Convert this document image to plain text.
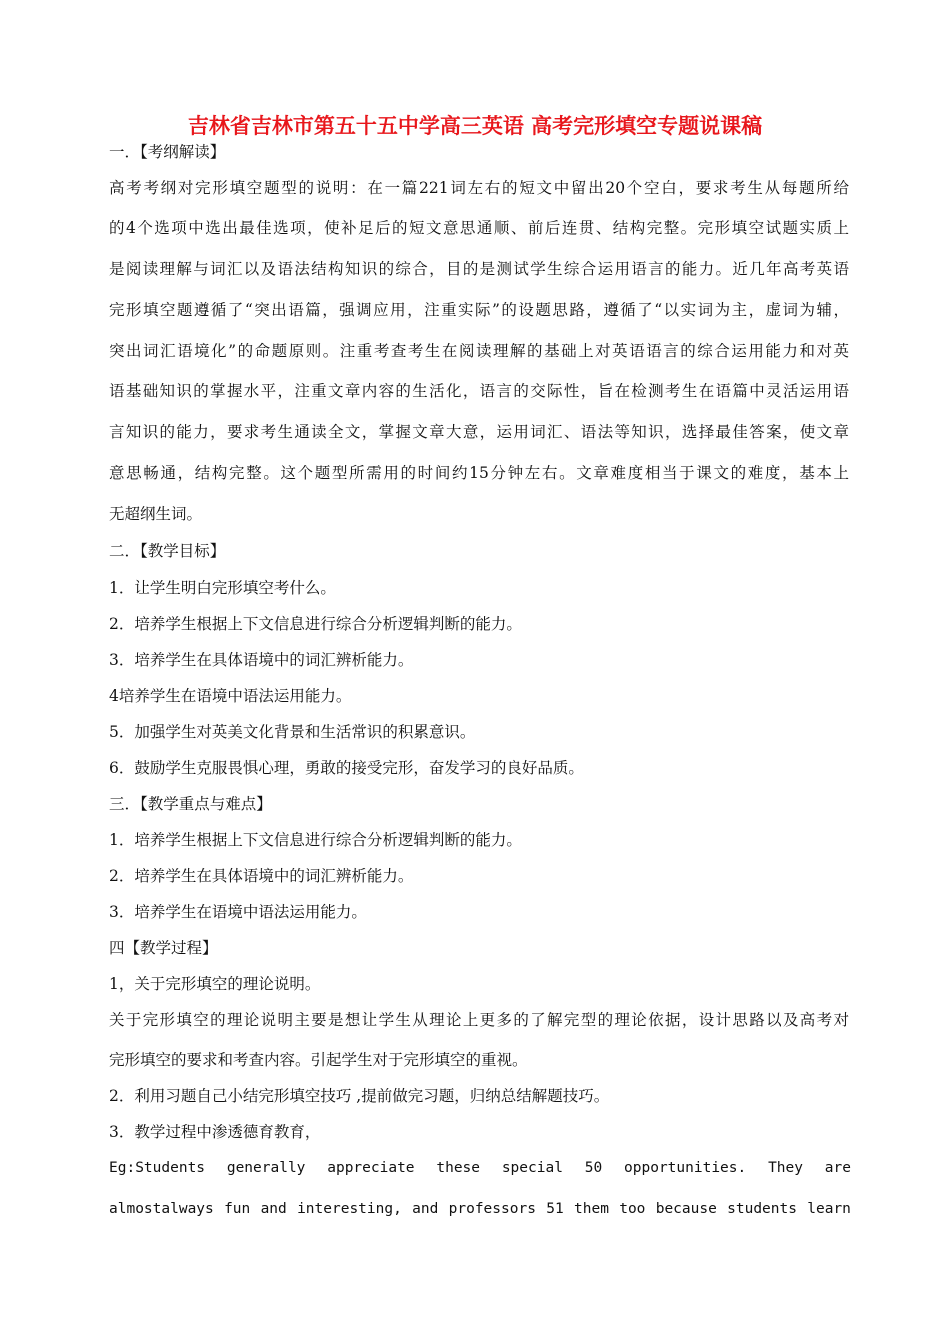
吉林省吉林市第五十五中学高三英语 高考完形填空专题说课稿
一．【考纲解读】
高考考纲对完形填空题型的说明：在一篇221词左右的短文中留出20个空白，要求考生从每题所给
的4个选项中选出最佳选项，使补足后的短文意思通顺、前后连贯、结构完整。完形填空试题实质上
是阅读理解与词汇以及语法结构知识的综合，目的是测试学生综合运用语言的能力。近几年高考英语
完形填空题遵循了“突出语篇，强调应用，注重实际”的设题思路，遵循了“以实词为主，虚词为辅，
突出词汇语境化”的命题原则。注重考查考生在阅读理解的基础上对英语语言的综合运用能力和对英
语基础知识的掌握水平，注重文章内容的生活化，语言的交际性，旨在检测考生在语篇中灵活运用语
言知识的能力，要求考生通读全文，掌握文章大意，运用词汇、语法等知识，选择最佳答案，使文章
意思畅通，结构完整。这个题型所需用的时间约15分钟左右。文章难度相当于课文的难度，基本上
无超纲生词。
二．【教学目标】
1．让学生明白完形填空考什么。
2．培养学生根据上下文信息进行综合分析逻辑判断的能力。
3．培养学生在具体语境中的词汇辨析能力。
4培养学生在语境中语法运用能力。
5．加强学生对英美文化背景和生活常识的积累意识。
6．鼓励学生克服畏惧心理，勇敢的接受完形，奋发学习的良好品质。
三．【教学重点与难点】
1．培养学生根据上下文信息进行综合分析逻辑判断的能力。
2．培养学生在具体语境中的词汇辨析能力。
3．培养学生在语境中语法运用能力。
四【教学过程】
1，关于完形填空的理论说明。
关于完形填空的理论说明主要是想让学生从理论上更多的了解完型的理论依据，设计思路以及高考对
完形填空的要求和考查内容。引起学生对于完形填空的重视。
2．利用习题自己小结完形填空技巧 ,提前做完习题，归纳总结解题技巧。
3．教学过程中渗透德育教育，
Eg:Students generally appreciate these special 50 opportunities. They are
almostalways fun and interesting, and professors 51 them too because students learn
